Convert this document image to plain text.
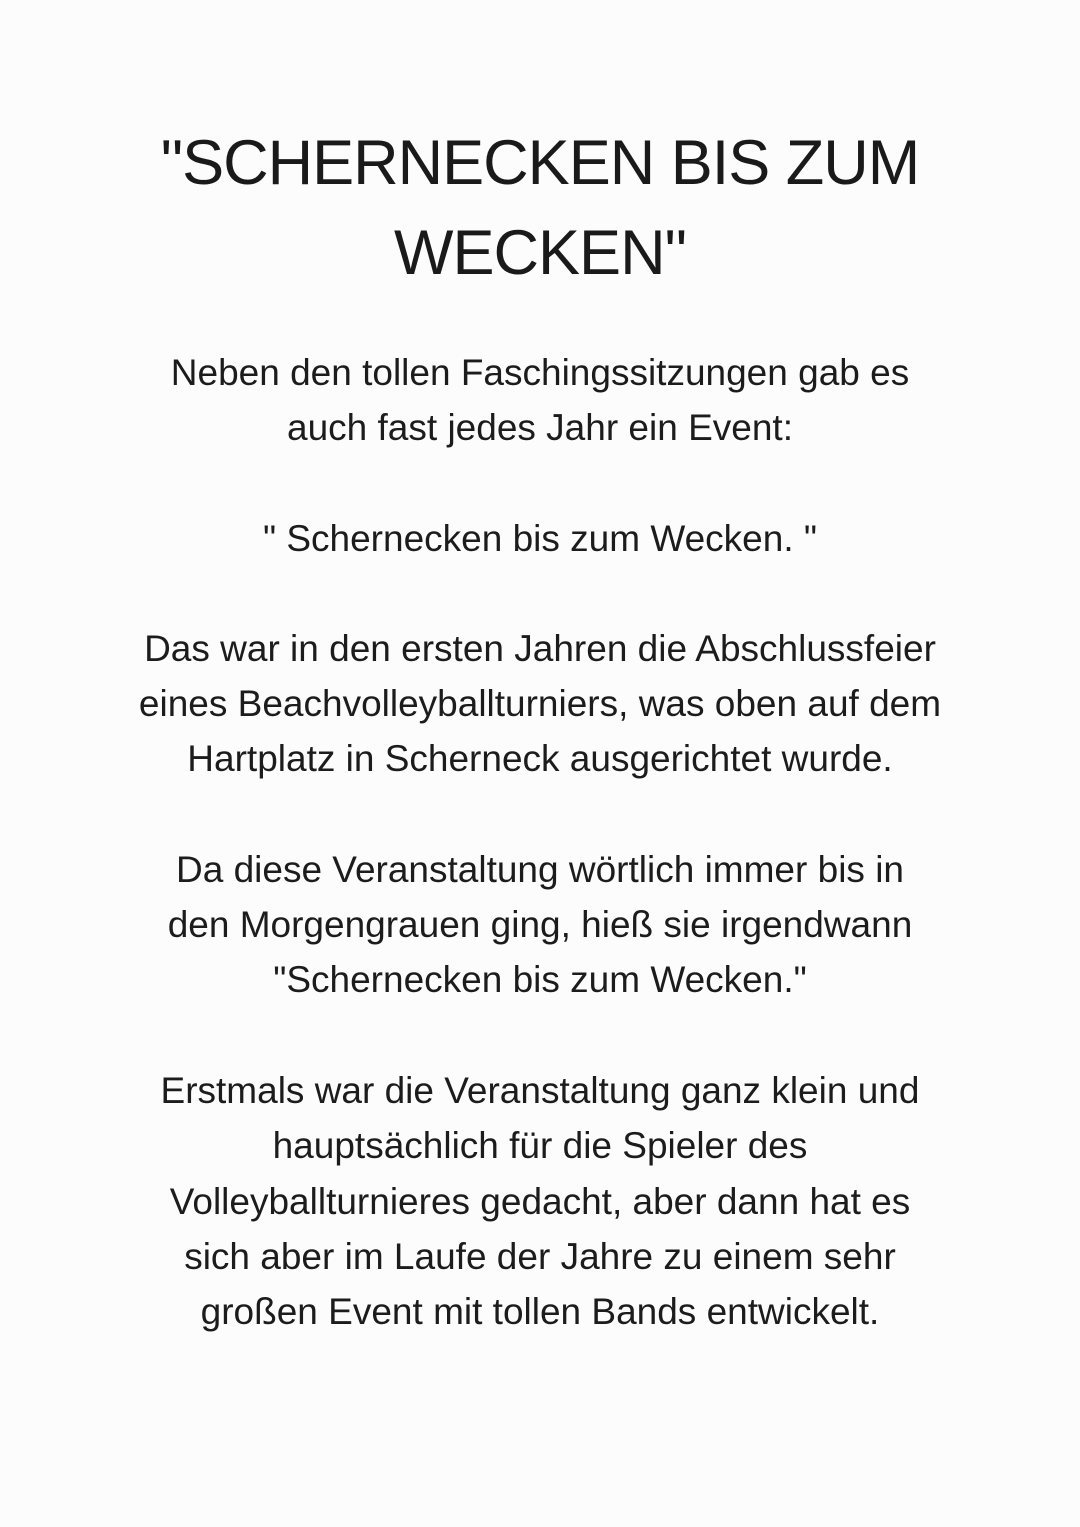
"SCHERNECKEN BIS ZUM
WECKEN"
Neben den tollen Faschingssitzungen gab es
auch fast jedes Jahr ein Event:
" Schernecken bis zum Wecken. "
Das war in den ersten Jahren die Abschlussfeier
eines Beachvolleyballturniers, was oben auf dem
Hartplatz in Scherneck ausgerichtet wurde.
Da diese Veranstaltung wörtlich immer bis in
den Morgengrauen ging, hieß sie irgendwann
"Schernecken bis zum Wecken."
Erstmals war die Veranstaltung ganz klein und
hauptsächlich für die Spieler des
Volleyballturnieres gedacht, aber dann hat es
sich aber im Laufe der Jahre zu einem sehr
großen Event mit tollen Bands entwickelt.
